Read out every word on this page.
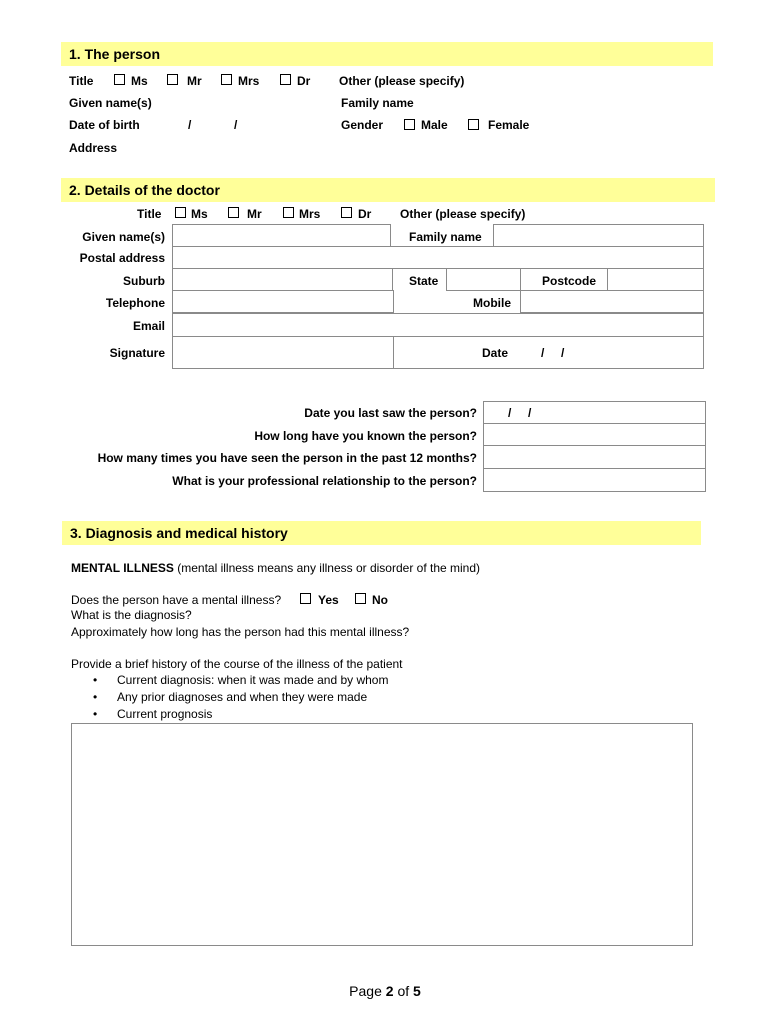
1. The person
Title	Ms	Mr	Mrs	Dr Other (please specify)
Given name(s)	Family name
Date of birth	/	/	Gender	Male	Female
Address
2. Details of the doctor
Title Ms	Mr	Mrs	Dr Other (please specify)
Given name(s)	Family name
Postal address
Suburb	State	Postcode
Telephone	Mobile
Email
Signature	Date	/     /
Date you last saw the person?	/     /
How long have you known the person?
How many times you have seen the person in the past 12 months?
What is your professional relationship to the person?
3. Diagnosis and medical history
MENTAL ILLNESS (mental illness means any illness or disorder of the mind)
Does the person have a mental illness?	Yes	No
What is the diagnosis?
Approximately how long has the person had this mental illness?
Provide a brief history of the course of the illness of the patient
• Current diagnosis: when it was made and by whom
• Any prior diagnoses and when they were made
• Current prognosis
Page 2 of 5
